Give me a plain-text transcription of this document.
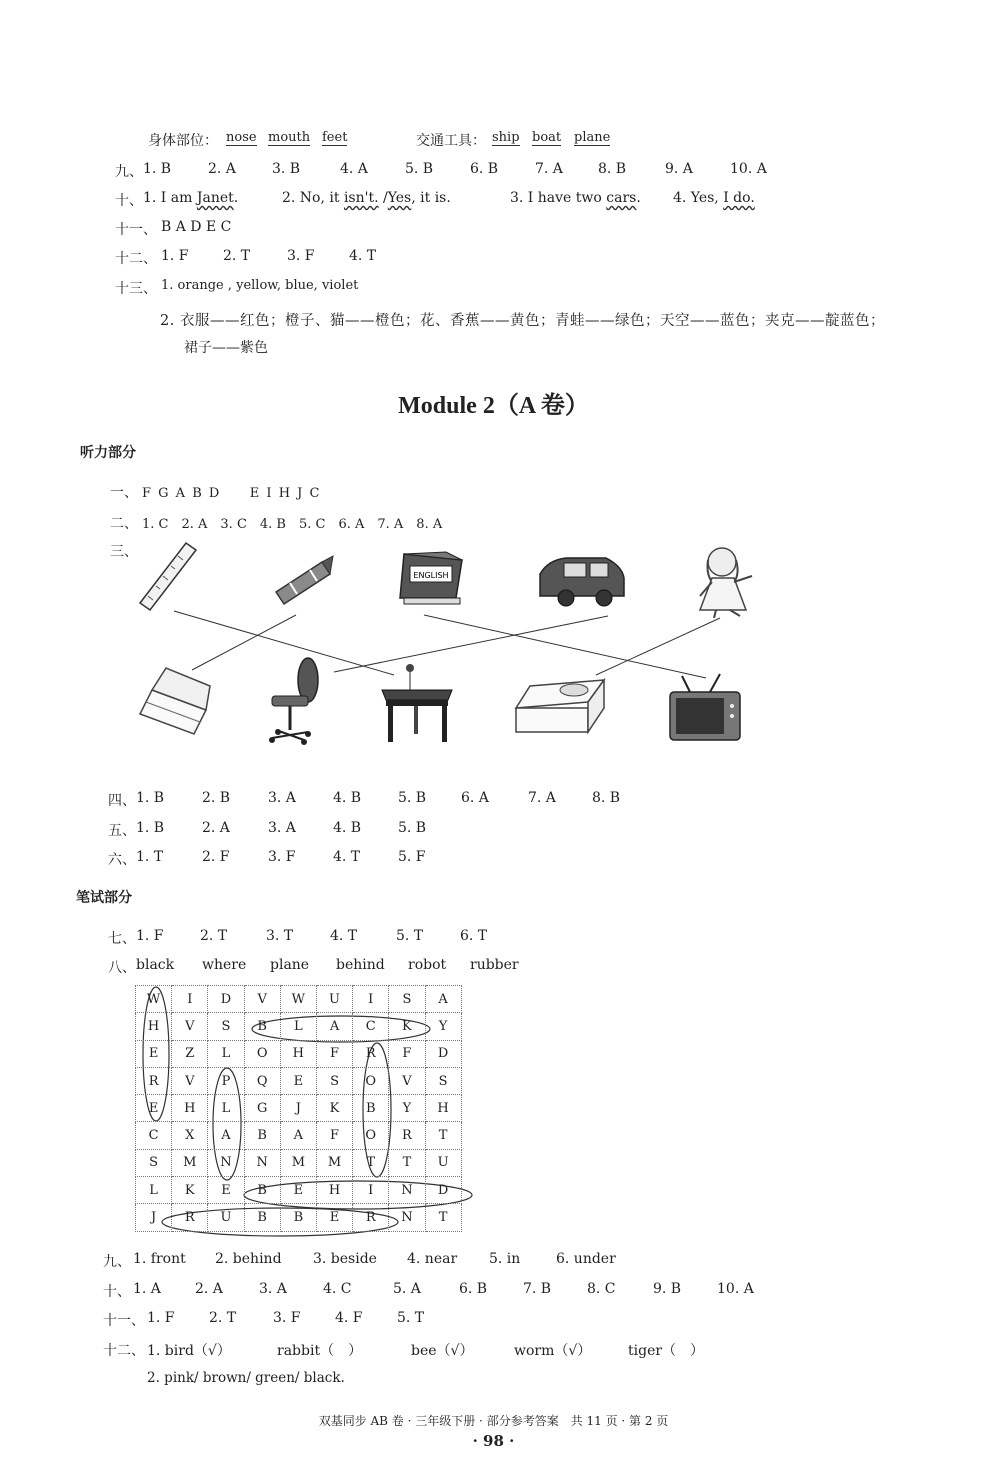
身体部位： nose mouth feet	交通工具： ship boat plane
九、 1. B	2. A	3. B	4. A	5. B	6. B	7. A	8. B	9. A	10. A
十、 1. I am Janet.	2. No, it isn't. /Yes, it is.	3. I have two cars. 4. Yes, I do.
十一、 B A D E C
十二、 1. F 2. T	3. F 4. T
十三、 1. orange , yellow, blue, violet
2. 衣服——红色；橙子、猫——橙色；花、香蕉——黄色；青蛙——绿色；天空——蓝色；夹克——靛蓝色；
裙子——紫色
Module 2（A 卷）
听力部分
一、 F G A B D　　E I H J C
二、 1. C　2. A　3. C　4. B　5. C　6. A　7. A　8. A
三、
ENGLISH
四、 1. B	2. B	3. A	4. B	5. B 6. A	7. A	8. B
五、 1. B	2. A	3. A	4. B	5. B
六、 1. T	2. F	3. F	4. T	5. F
笔试部分
七、 1. F	2. T	3. T	4. T	5. T	6. T
八、 black where plane behind robot rubber
W	I	D	V	W	U	I	S	A
H	V	S	B	L	A	C	K	Y
E	Z	L	O	H	F	R	F	D
R	V	P	Q	E	S	O	V	S
E	H	L	G	J	K	B	Y	H
C	X	A	B	A	F	O	R	T
S	M	N	N	M	M	T	T	U
L	K	E	B	E	H	I	N	D
J	R	U	B	B	E	R	N	T
九、 1. front 2. behind 3. beside 4. near 5. in	6. under
十、 1. A 2. A	3. A	4. C	5. A	6. B	7. B	8. C	9. B	10. A
十一、 1. F 2. T	3. F 4. F 5. T
十二、 1. bird（√）	rabbit（　）	bee（√）	worm（√）	tiger（　）
2. pink/ brown/ green/ black.
双基同步 AB 卷 · 三年级下册 · 部分参考答案　共 11 页 · 第 2 页
· 98 ·
